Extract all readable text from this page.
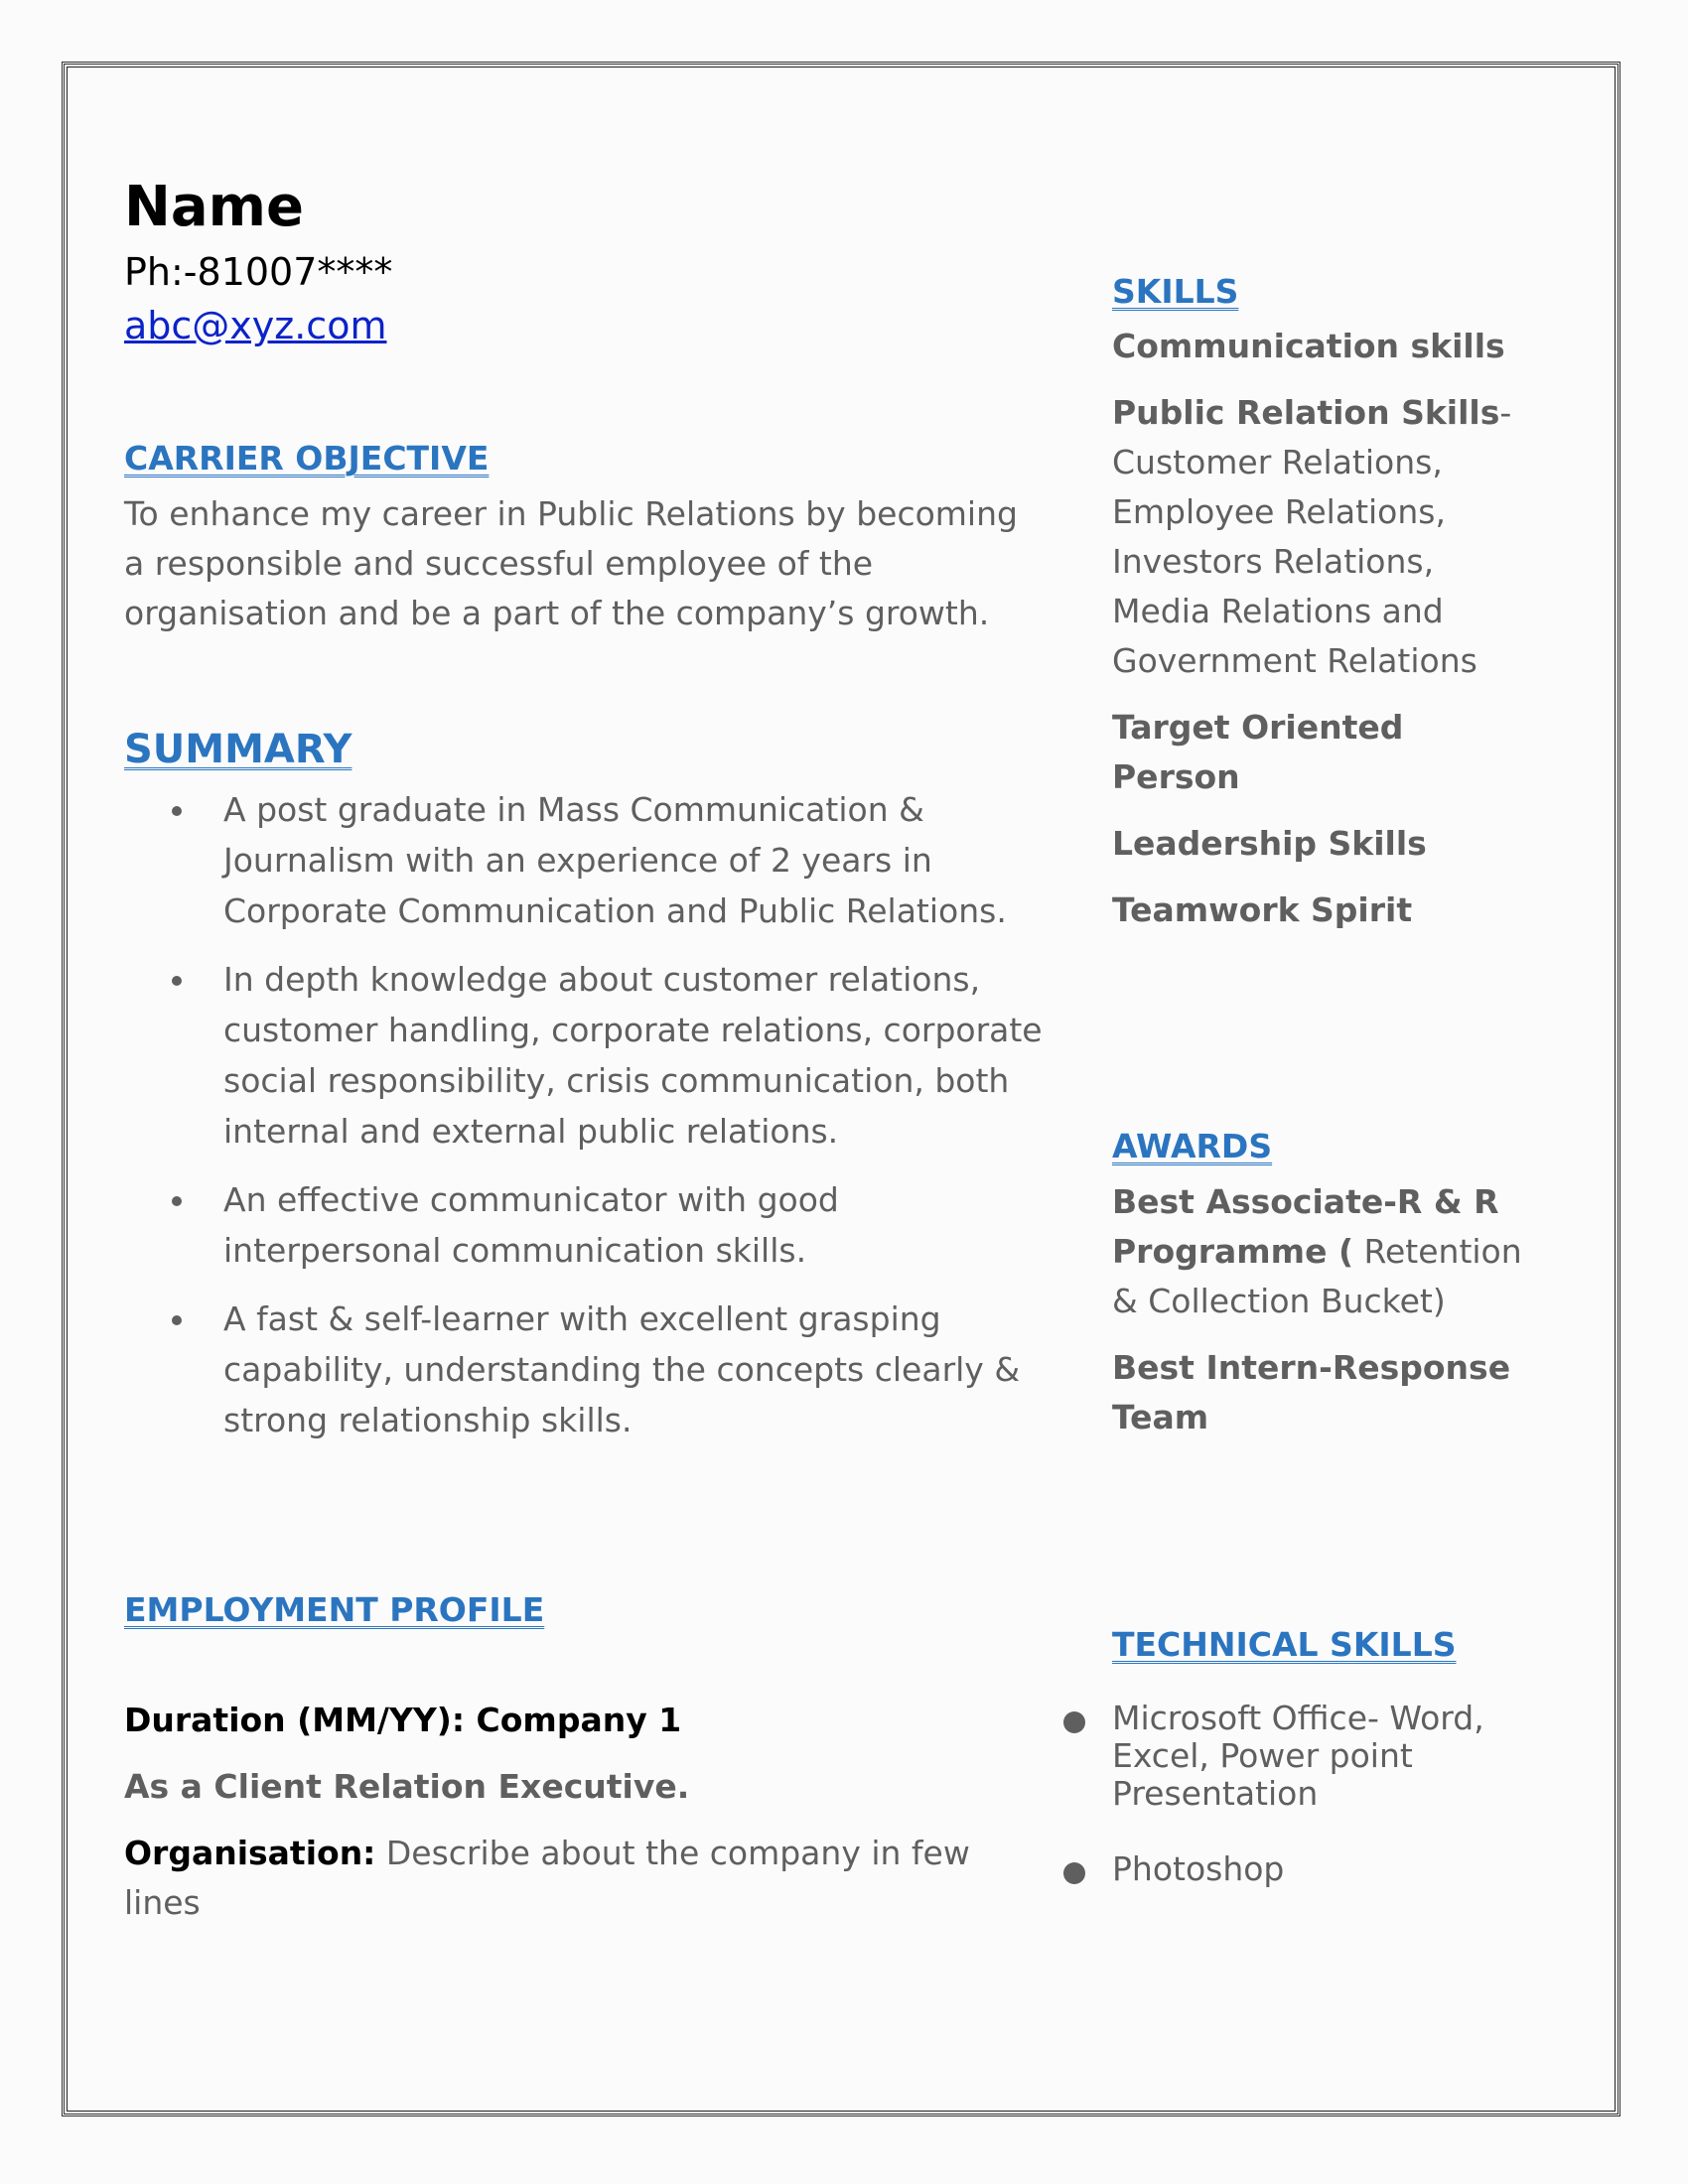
Name
Ph:-81007****
abc@xyz.com
CARRIER OBJECTIVE
To enhance my career in Public Relations by becoming a responsible and successful employee of the organisation and be a part of the company’s growth.
SUMMARY
A post graduate in Mass Communication & Journalism with an experience of 2 years in Corporate Communication and Public Relations.
In depth knowledge about customer relations, customer handling, corporate relations, corporate social responsibility, crisis communication, both internal and external public relations.
An effective communicator with good interpersonal communication skills.
A fast & self-learner with excellent grasping capability, understanding the concepts clearly & strong relationship skills.
EMPLOYMENT PROFILE
Duration (MM/YY): Company 1
As a Client Relation Executive.
Organisation: Describe about the company in few lines
SKILLS
Communication skills
Public Relation Skills- Customer Relations, Employee Relations, Investors Relations, Media Relations and Government Relations
Target Oriented Person
Leadership Skills
Teamwork Spirit
AWARDS
Best Associate-R & R Programme ( Retention & Collection Bucket)
Best Intern-Response Team
TECHNICAL SKILLS
Microsoft Office- Word, Excel, Power point Presentation
Photoshop
